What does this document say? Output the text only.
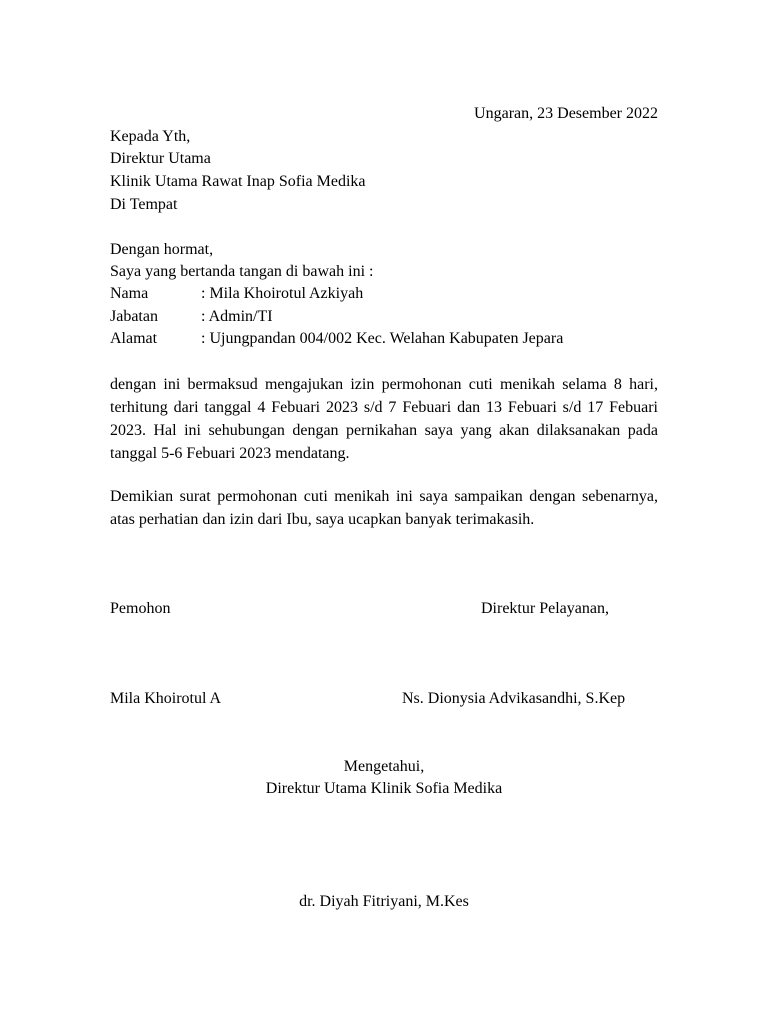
Ungaran, 23 Desember 2022
Kepada Yth,
Direktur Utama
Klinik Utama Rawat Inap Sofia Medika
Di Tempat
Dengan hormat,
Saya yang bertanda tangan di bawah ini :
Nama	: Mila Khoirotul Azkiyah
Jabatan	: Admin/TI
Alamat	: Ujungpandan 004/002 Kec. Welahan Kabupaten Jepara
dengan ini bermaksud mengajukan izin permohonan cuti menikah selama 8 hari, terhitung dari tanggal 4 Febuari 2023 s/d 7 Febuari dan 13 Febuari s/d 17 Febuari 2023. Hal ini sehubungan dengan pernikahan saya yang akan dilaksanakan pada tanggal 5-6 Febuari 2023 mendatang.
Demikian surat permohonan cuti menikah ini saya sampaikan dengan sebenarnya, atas perhatian dan izin dari Ibu, saya ucapkan banyak terimakasih.
Pemohon	Direktur Pelayanan,
Mila Khoirotul A	Ns. Dionysia Advikasandhi, S.Kep
Mengetahui,
Direktur Utama Klinik Sofia Medika
dr. Diyah Fitriyani, M.Kes
